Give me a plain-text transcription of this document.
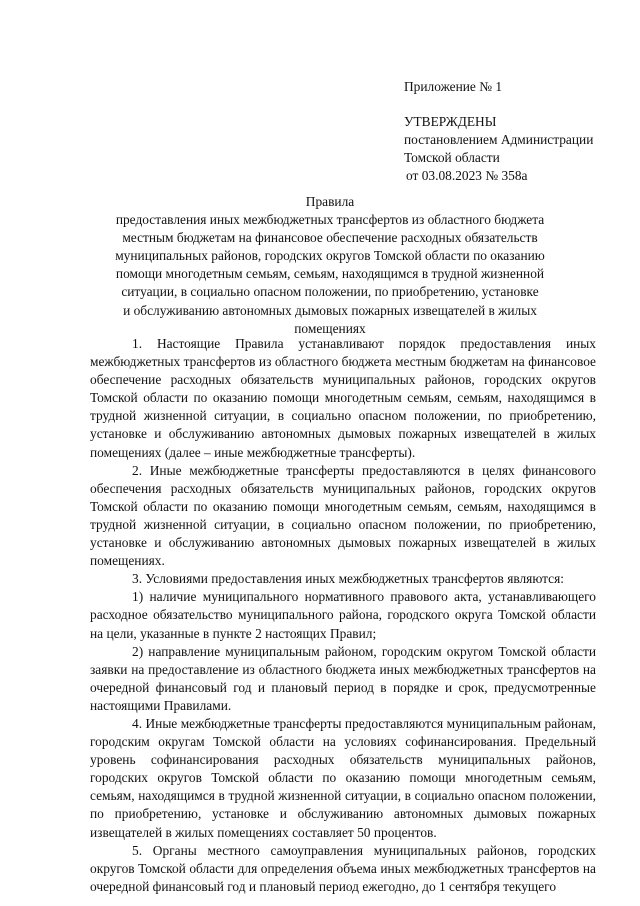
Приложение № 1
УТВЕРЖДЕНЫ
постановлением Администрации
Томской области
от 03.08.2023 № 358а
Правила
предоставления иных межбюджетных трансфертов из областного бюджета
местным бюджетам на финансовое обеспечение расходных обязательств
муниципальных районов, городских округов Томской области по оказанию
помощи многодетным семьям, семьям, находящимся в трудной жизненной
ситуации, в социально опасном положении, по приобретению, установке
и обслуживанию автономных дымовых пожарных извещателей в жилых
помещениях

1. Настоящие Правила устанавливают порядок предоставления иных межбюджетных трансфертов из областного бюджета местным бюджетам на финансовое обеспечение расходных обязательств муниципальных районов, городских округов Томской области по оказанию помощи многодетным семьям, семьям, находящимся в трудной жизненной ситуации, в социально опасном положении, по приобретению, установке и обслуживанию автономных дымовых пожарных извещателей в жилых помещениях (далее – иные межбюджетные трансферты).

2. Иные межбюджетные трансферты предоставляются в целях финансового обеспечения расходных обязательств муниципальных районов, городских округов Томской области по оказанию помощи многодетным семьям, семьям, находящимся в трудной жизненной ситуации, в социально опасном положении, по приобретению, установке и обслуживанию автономных дымовых пожарных извещателей в жилых помещениях.

3. Условиями предоставления иных межбюджетных трансфертов являются:

1) наличие муниципального нормативного правового акта, устанавливающего расходное обязательство муниципального района, городского округа Томской области на цели, указанные в пункте 2 настоящих Правил;

2) направление муниципальным районом, городским округом Томской области заявки на предоставление из областного бюджета иных межбюджетных трансфертов на очередной финансовый год и плановый период в порядке и срок, предусмотренные настоящими Правилами.

4. Иные межбюджетные трансферты предоставляются муниципальным районам, городским округам Томской области на условиях софинансирования. Предельный уровень софинансирования расходных обязательств муниципальных районов, городских округов Томской области по оказанию помощи многодетным семьям, семьям, находящимся в трудной жизненной ситуации, в социально опасном положении, по приобретению, установке и обслуживанию автономных дымовых пожарных извещателей в жилых помещениях составляет 50 процентов.

5. Органы местного самоуправления муниципальных районов, городских округов Томской области для определения объема иных межбюджетных трансфертов на очередной финансовый год и плановый период ежегодно, до 1 сентября текущего
